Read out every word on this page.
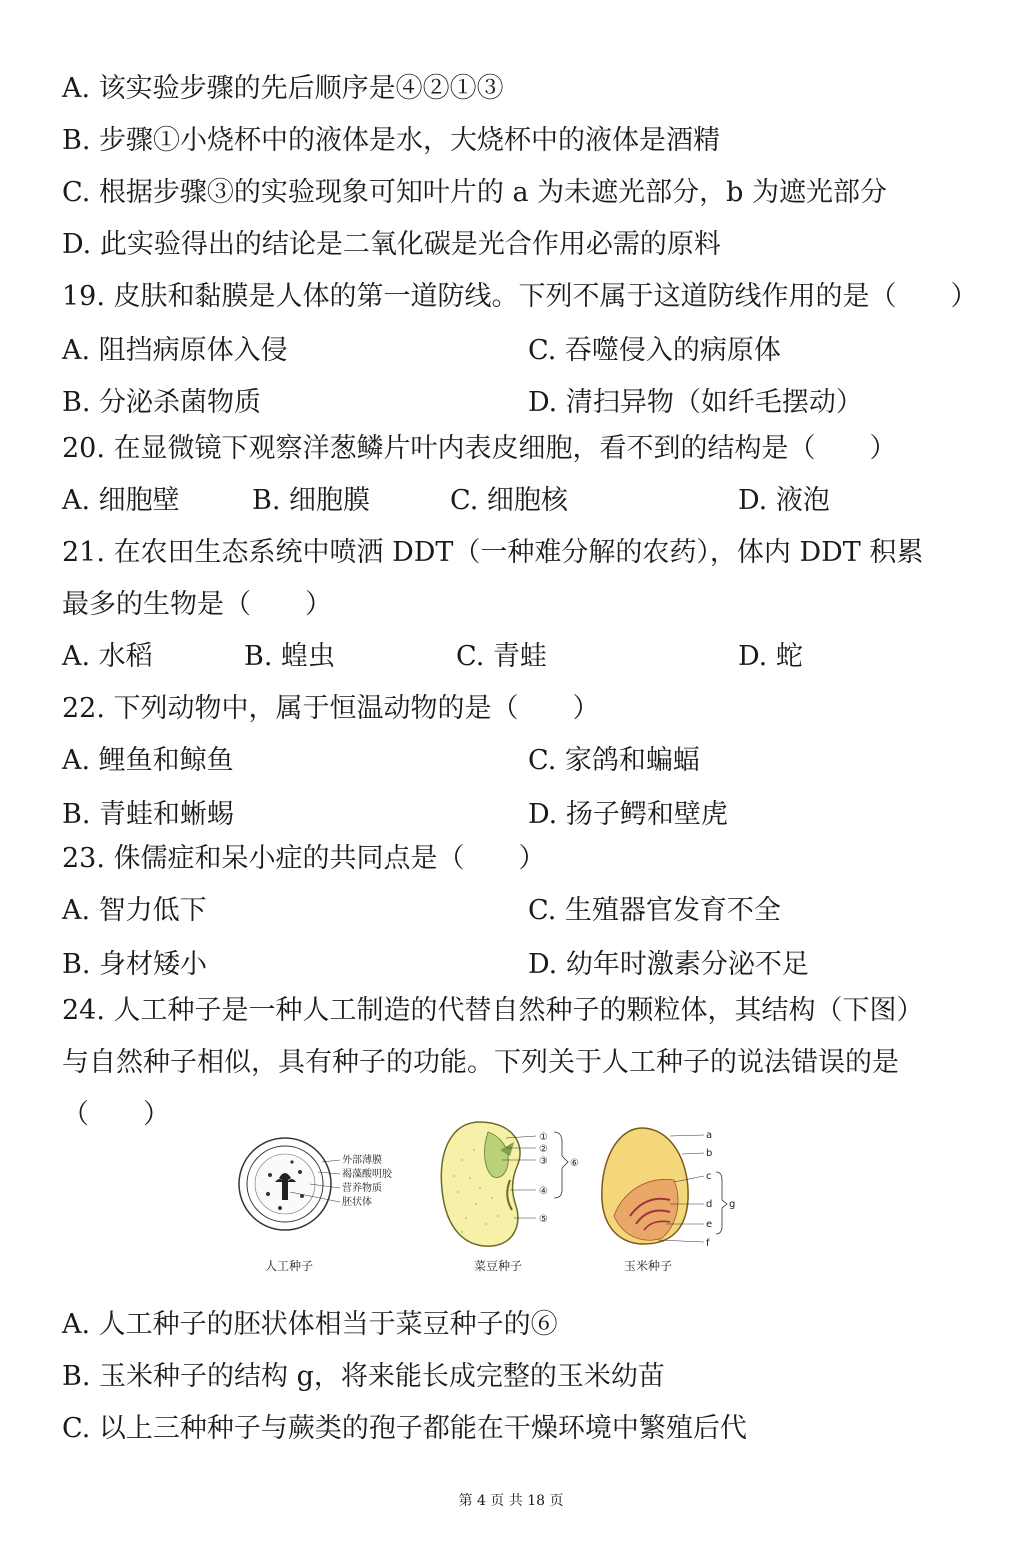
A. 该实验步骤的先后顺序是④②①③
B. 步骤①小烧杯中的液体是水，大烧杯中的液体是酒精
C. 根据步骤③的实验现象可知叶片的 a 为未遮光部分，b 为遮光部分
D. 此实验得出的结论是二氧化碳是光合作用必需的原料
19. 皮肤和黏膜是人体的第一道防线。下列不属于这道防线作用的是（　　）
A. 阻挡病原体入侵	C. 吞噬侵入的病原体
B. 分泌杀菌物质	D. 清扫异物（如纤毛摆动）
20. 在显微镜下观察洋葱鳞片叶内表皮细胞，看不到的结构是（　　）
A. 细胞壁	B. 细胞膜	C. 细胞核	D. 液泡
21. 在农田生态系统中喷洒 DDT（一种难分解的农药），体内 DDT 积累
最多的生物是（　　）
A. 水稻	B. 蝗虫	C. 青蛙	D. 蛇
22. 下列动物中，属于恒温动物的是（　　）
A. 鲤鱼和鲸鱼	C. 家鸽和蝙蝠
B. 青蛙和蜥蜴	D. 扬子鳄和壁虎
23. 侏儒症和呆小症的共同点是（　　）
A. 智力低下	C. 生殖器官发育不全
B. 身材矮小	D. 幼年时激素分泌不足
24. 人工种子是一种人工制造的代替自然种子的颗粒体，其结构（下图）
与自然种子相似，具有种子的功能。下列关于人工种子的说法错误的是
（　　）
外部薄膜
褐藻酸明胶
营养物质
胚状体
人工种子
①
②
③
④
⑤
⑥
菜豆种子
a
b
c
d
e
f
g
玉米种子
A. 人工种子的胚状体相当于菜豆种子的⑥
B. 玉米种子的结构 g，将来能长成完整的玉米幼苗
C. 以上三种种子与蕨类的孢子都能在干燥环境中繁殖后代
第 4 页 共 18 页
